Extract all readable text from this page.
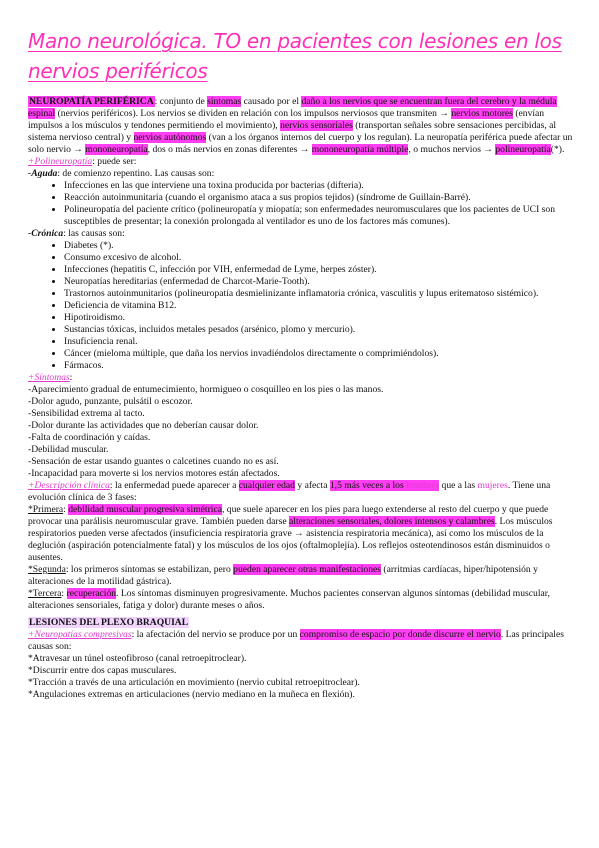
Mano neurológica. TO en pacientes con lesiones en los nervios periféricos

NEUROPATÍA PERIFÉRICA: conjunto de síntomas causado por el daño a los nervios que se encuentran fuera del cerebro y la médula espinal (nervios periféricos). Los nervios se dividen en relación con los impulsos nerviosos que transmiten → nervios motores (envían impulsos a los músculos y tendones permitiendo el movimiento), nervios sensoriales (transportan señales sobre sensaciones percibidas, al sistema nervioso central) y nervios autónomos (van a los órganos internos del cuerpo y los regulan). La neuropatía periférica puede afectar un solo nervio → mononeuropatía, dos o más nervios en zonas diferentes → mononeuropatía múltiple, o muchos nervios → polineuropatía(*).

+Polineuropatía: puede ser:

-Aguda: de comienzo repentino. Las causas son:

• Infecciones en las que interviene una toxina producida por bacterias (difteria).
• Reacción autoinmunitaria (cuando el organismo ataca a sus propios tejidos) (síndrome de Guillain-Barré).
• Polineuropatía del paciente crítico (polineuropatía y miopatía; son enfermedades neuromusculares que los pacientes de UCI son susceptibles de presentar; la conexión prolongada al ventilador es uno de los factores más comunes).

-Crónica: las causas son:

• Diabetes (*).
• Consumo excesivo de alcohol.
• Infecciones (hepatitis C, infección por VIH, enfermedad de Lyme, herpes zóster).
• Neuropatías hereditarias (enfermedad de Charcot-Marie-Tooth).
• Trastornos autoinmunitarios (polineuropatía desmielinizante inflamatoria crónica, vasculitis y lupus eritematoso sistémico).
• Deficiencia de vitamina B12.
• Hipotiroidismo.
• Sustancias tóxicas, incluidos metales pesados (arsénico, plomo y mercurio).
• Insuficiencia renal.
• Cáncer (mieloma múltiple, que daña los nervios invadiéndolos directamente o comprimiéndolos).
• Fármacos.

+Síntomas:

-Aparecimiento gradual de entumecimiento, hormigueo o cosquilleo en los pies o las manos.

-Dolor agudo, punzante, pulsátil o escozor.

-Sensibilidad extrema al tacto.

-Dolor durante las actividades que no deberían causar dolor.

-Falta de coordinación y caídas.

-Debilidad muscular.

-Sensación de estar usando guantes o calcetines cuando no es así.

-Incapacidad para moverte si los nervios motores están afectados.

+Descripción clínica: la enfermedad puede aparecer a cualquier edad y afecta 1,5 más veces a los hombres que a las mujeres. Tiene una evolución clínica de 3 fases:

*Primera: debilidad muscular progresiva simétrica, que suele aparecer en los pies para luego extenderse al resto del cuerpo y que puede provocar una parálisis neuromuscular grave. También pueden darse alteraciones sensoriales, dolores intensos y calambres. Los músculos respiratorios pueden verse afectados (insuficiencia respiratoria grave → asistencia respiratoria mecánica), así como los músculos de la deglución (aspiración potencialmente fatal) y los músculos de los ojos (oftalmoplejía). Los reflejos osteotendinosos están disminuidos o ausentes.

*Segunda: los primeros síntomas se estabilizan, pero pueden aparecer otras manifestaciones (arritmias cardíacas, hiper/hipotensión y alteraciones de la motilidad gástrica).

*Tercera: recuperación. Los síntomas disminuyen progresivamente. Muchos pacientes conservan algunos síntomas (debilidad muscular, alteraciones sensoriales, fatiga y dolor) durante meses o años.

LESIONES DEL PLEXO BRAQUIAL

+Neuropatías compresivas: la afectación del nervio se produce por un compromiso de espacio por donde discurre el nervio. Las principales causas son:

*Atravesar un túnel osteofibroso (canal retroepitroclear).

*Discurrir entre dos capas musculares.

*Tracción a través de una articulación en movimiento (nervio cubital retroepitroclear).

*Angulaciones extremas en articulaciones (nervio mediano en la muñeca en flexión).
